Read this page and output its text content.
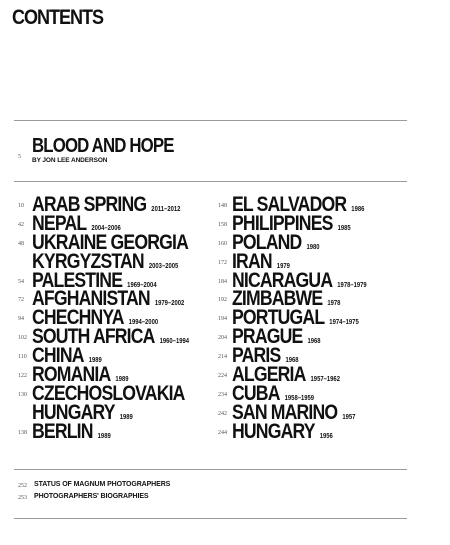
CONTENTS
5 BLOOD AND HOPE
BY JON LEE ANDERSON
10 ARAB SPRING 2011–2012
42 NEPAL 2004–2006
48 UKRAINE GEORGIA
KYRGYZSTAN 2003–2005
54 PALESTINE 1969–2004
72 AFGHANISTAN 1979–2002
94 CHECHNYA 1994–2000
102 SOUTH AFRICA 1960–1994
110 CHINA 1989
122 ROMANIA 1989
130 CZECHOSLOVAKIA
HUNGARY 1989
138 BERLIN 1989
148 EL SALVADOR 1986
158 PHILIPPINES 1985
160 POLAND 1980
172 IRAN 1979
184 NICARAGUA 1978–1979
192 ZIMBABWE 1978
194 PORTUGAL 1974–1975
204 PRAGUE 1968
214 PARIS 1968
224 ALGERIA 1957–1962
234 CUBA 1958–1959
242 SAN MARINO 1957
244 HUNGARY 1956
252 STATUS OF MAGNUM PHOTOGRAPHERS
253 PHOTOGRAPHERS' BIOGRAPHIES
